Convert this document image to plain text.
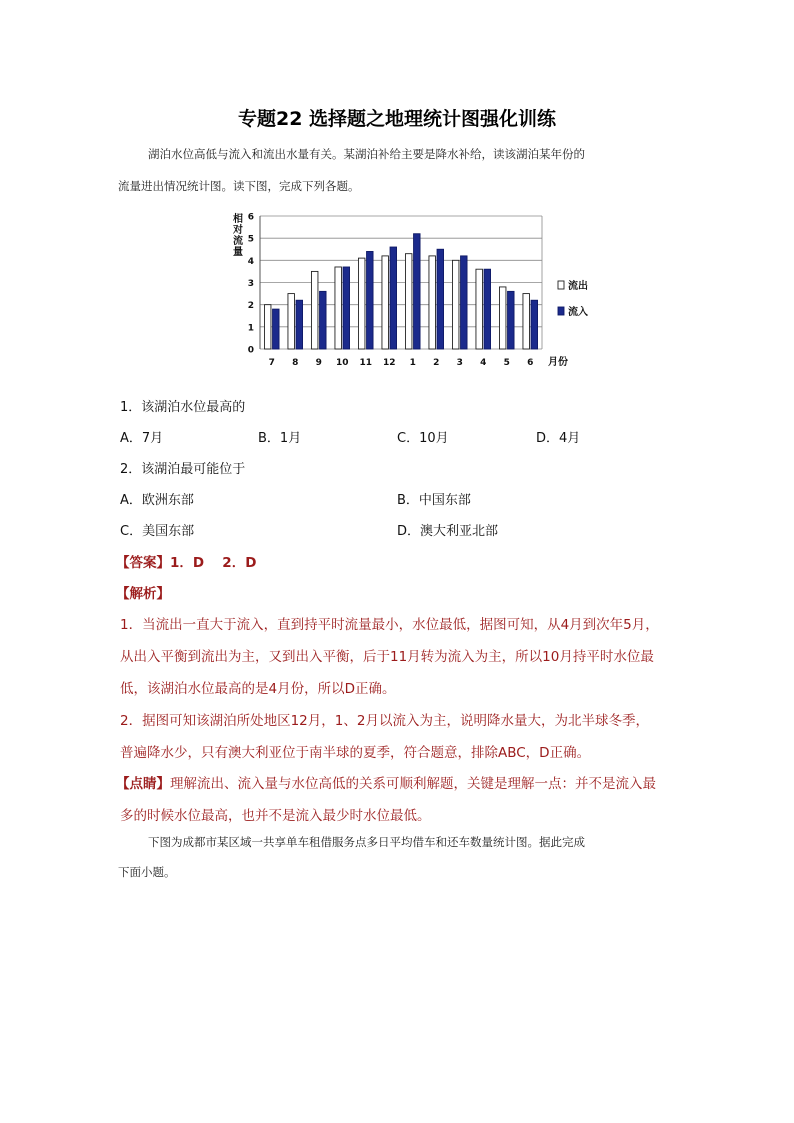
专题22 选择题之地理统计图强化训练
湖泊水位高低与流入和流出水量有关。某湖泊补给主要是降水补给，读该湖泊某年份的
流量进出情况统计图。读下图，完成下列各题。
0
1
2
3
4
5
6
相
对
流
量
7 8 9 10 11 12 1 2 3 4 5 6 月份
流出
流入
1．该湖泊水位最高的
A．7月	B．1月	C．10月	D．4月
2．该湖泊最可能位于
A．欧洲东部	B．中国东部
C．美国东部	D．澳大利亚北部
【答案】1．D　 2．D
【解析】
1．当流出一直大于流入，直到持平时流量最小，水位最低，据图可知，从4月到次年5月，
从出入平衡到流出为主，又到出入平衡，后于11月转为流入为主，所以10月持平时水位最
低，该湖泊水位最高的是4月份，所以D正确。
2．据图可知该湖泊所处地区12月，1、2月以流入为主，说明降水量大，为北半球冬季，
普遍降水少，只有澳大利亚位于南半球的夏季，符合题意，排除ABC，D正确。
【点睛】理解流出、流入量与水位高低的关系可顺利解题，关键是理解一点：并不是流入最
多的时候水位最高，也并不是流入最少时水位最低。
下图为成都市某区域一共享单车租借服务点多日平均借车和还车数量统计图。据此完成
下面小题。
